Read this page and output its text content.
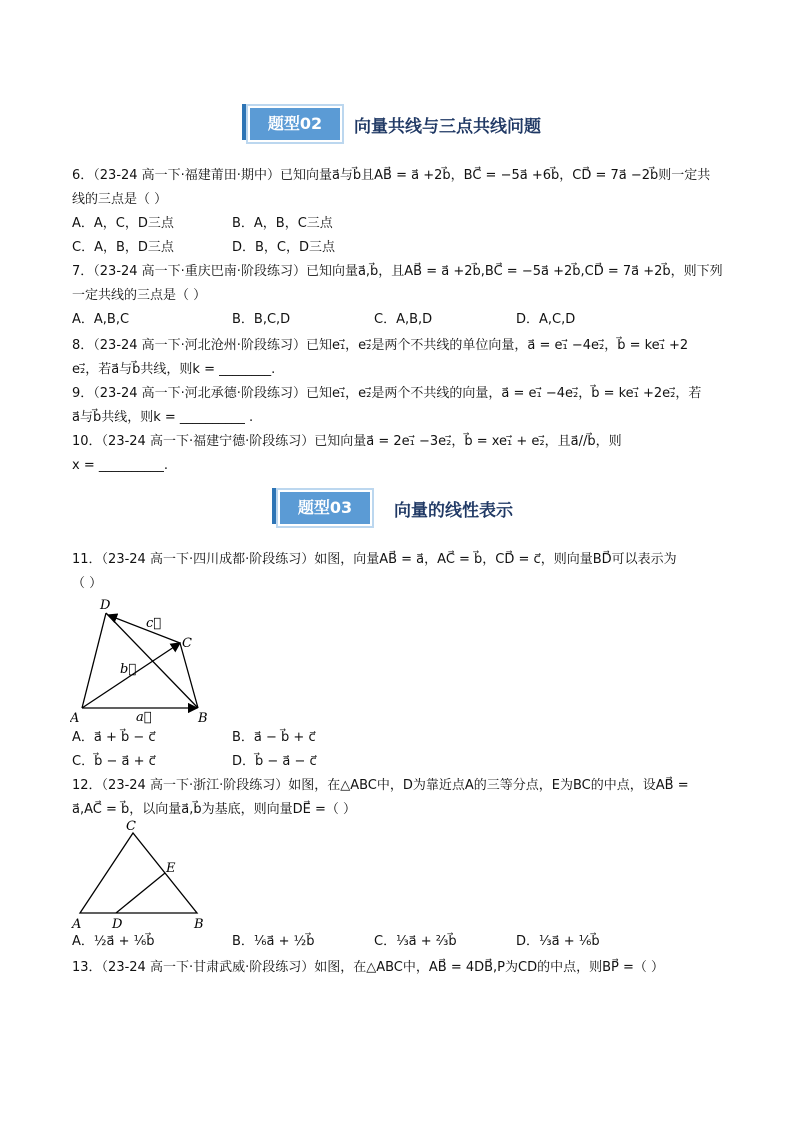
题型02	向量共线与三点共线问题
6．（23-24 高一下·福建莆田·期中）已知向量a⃗与b⃗且AB⃗ = a⃗ +2b⃗，BC⃗ = −5a⃗ +6b⃗，CD⃗ = 7a⃗ −2b⃗则一定共
线的三点是（ ）
A．A，C，D三点	B．A，B，C三点
C．A，B，D三点	D．B，C，D三点
7．（23-24 高一下·重庆巴南·阶段练习）已知向量a⃗,b⃗，且AB⃗ = a⃗ +2b⃗,BC⃗ = −5a⃗ +2b⃗,CD⃗ = 7a⃗ +2b⃗，则下列
一定共线的三点是（ ）
A．A,B,C	B．B,C,D	C．A,B,D	D．A,C,D
8．（23-24 高一下·河北沧州·阶段练习）已知e₁⃗，e₂⃗是两个不共线的单位向量，a⃗ = e₁⃗ −4e₂⃗，b⃗ = ke₁⃗ +2
e₂⃗，若a⃗与b⃗共线，则k = ________.
9．（23-24 高一下·河北承德·阶段练习）已知e₁⃗，e₂⃗是两个不共线的向量，a⃗ = e₁⃗ −4e₂⃗，b⃗ = ke₁⃗ +2e₂⃗，若
a⃗与b⃗共线，则k = __________ .
10．（23-24 高一下·福建宁德·阶段练习）已知向量a⃗ = 2e₁⃗ −3e₂⃗，b⃗ = xe₁⃗ + e₂⃗，且a⃗//b⃗，则
x = __________.
题型03	向量的线性表示
11．（23-24 高一下·四川成都·阶段练习）如图，向量AB⃗ = a⃗，AC⃗ = b⃗，CD⃗ = c⃗，则向量BD⃗可以表示为
（ ）
A	B
C
D
a⃗
b⃗
c⃗
A．a⃗ + b⃗ − c⃗	B．a⃗ − b⃗ + c⃗
C．b⃗ − a⃗ + c⃗	D．b⃗ − a⃗ − c⃗
12．（23-24 高一下·浙江·阶段练习）如图，在△ABC中，D为靠近点A的三等分点，E为BC的中点，设AB⃗ =
a⃗,AC⃗ = b⃗，以向量a⃗,b⃗为基底，则向量DE⃗ =（ ）
A	B
C
D
E
A．½a⃗ + ⅙b⃗	B．⅙a⃗ + ½b⃗	C．⅓a⃗ + ⅔b⃗	D．⅓a⃗ + ⅙b⃗
13．（23-24 高一下·甘肃武威·阶段练习）如图，在△ABC中，AB⃗ = 4DB⃗,P为CD的中点，则BP⃗ =（ ）
